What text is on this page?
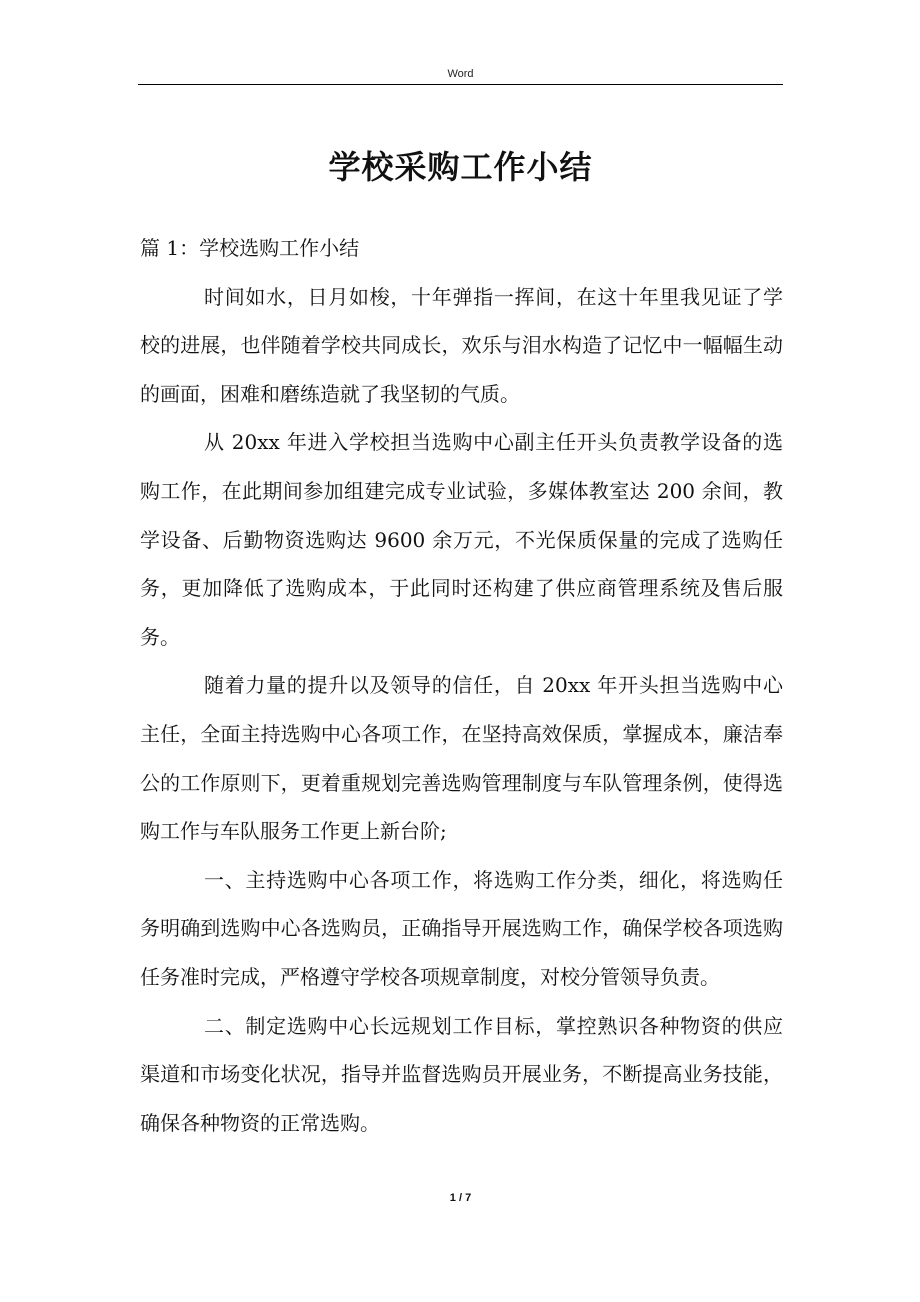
Word
学校采购工作小结

篇 1：学校选购工作小结

时间如水，日月如梭，十年弹指一挥间，在这十年里我见证了学校的进展，也伴随着学校共同成长，欢乐与泪水构造了记忆中一幅幅生动的画面，困难和磨练造就了我坚韧的气质。

从 20xx 年进入学校担当选购中心副主任开头负责教学设备的选购工作，在此期间参加组建完成专业试验，多媒体教室达 200 余间，教学设备、后勤物资选购达 9600 余万元，不光保质保量的完成了选购任务，更加降低了选购成本，于此同时还构建了供应商管理系统及售后服务。

随着力量的提升以及领导的信任，自 20xx 年开头担当选购中心主任，全面主持选购中心各项工作，在坚持高效保质，掌握成本，廉洁奉公的工作原则下，更着重规划完善选购管理制度与车队管理条例，使得选购工作与车队服务工作更上新台阶;

一、主持选购中心各项工作，将选购工作分类，细化，将选购任务明确到选购中心各选购员，正确指导开展选购工作，确保学校各项选购任务准时完成，严格遵守学校各项规章制度，对校分管领导负责。

二、制定选购中心长远规划工作目标，掌控熟识各种物资的供应渠道和市场变化状况，指导并监督选购员开展业务，不断提高业务技能，确保各种物资的正常选购。

1 / 7
